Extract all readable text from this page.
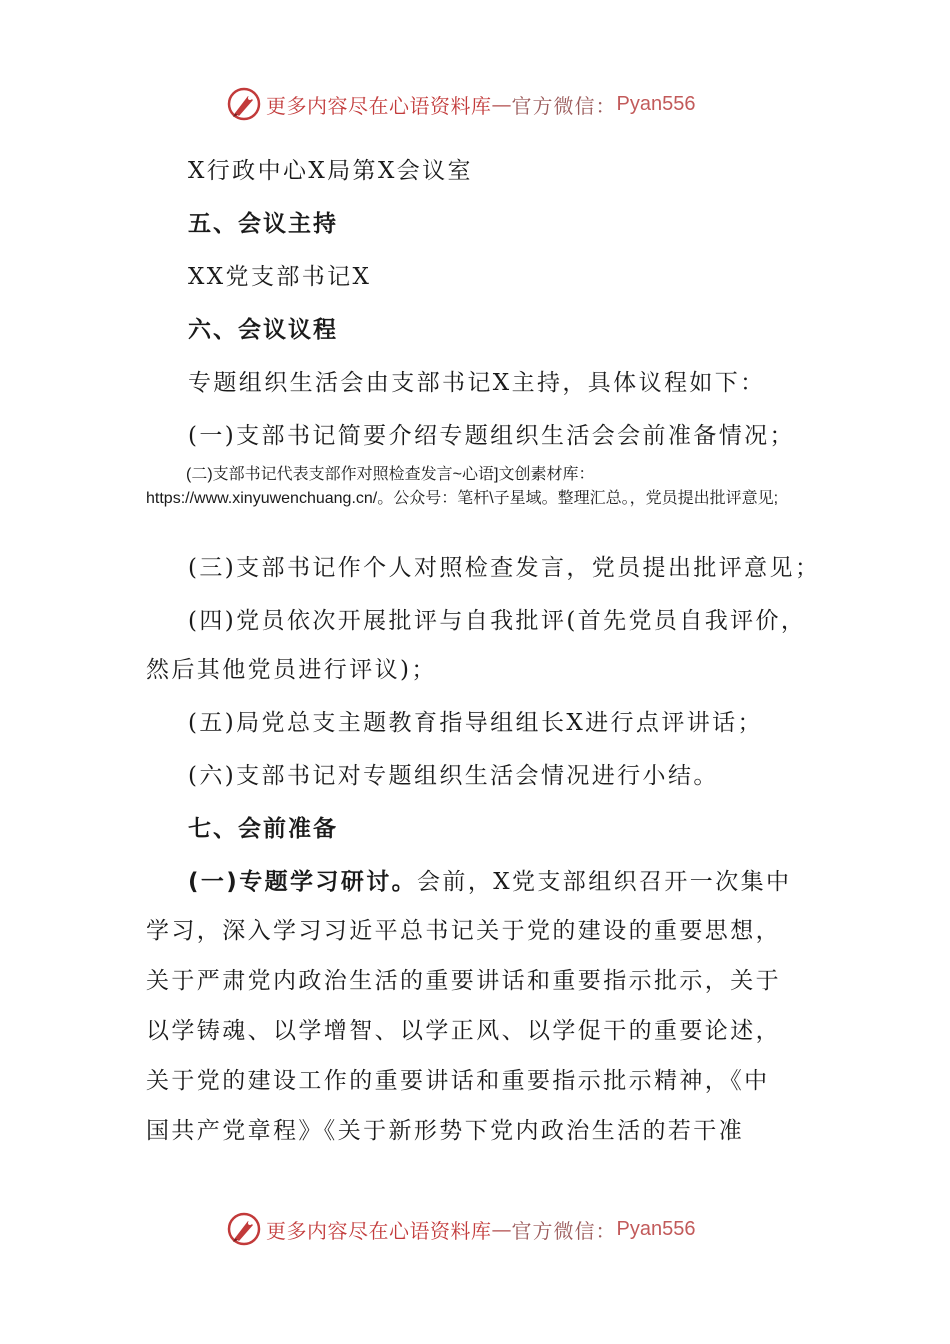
更多内容尽在心语资料库 — 官方微信： Pyan556
X行政中心X局第X会议室
五、会议主持
XX党支部书记X
六、会议议程
专题组织生活会由支部书记X主持，具体议程如下：
(一)支部书记简要介绍专题组织生活会会前准备情况；
(二)支部书记代表支部作对照检查发言~心语]文创素材库：https://www.xinyuwenchuang.cn/。公众号：笔杆\子星域。整理汇总。，党员提出批评意见;
(三)支部书记作个人对照检查发言，党员提出批评意见；
(四)党员依次开展批评与自我批评(首先党员自我评价，
然后其他党员进行评议)；
(五)局党总支主题教育指导组组长X进行点评讲话；
(六)支部书记对专题组织生活会情况进行小结。
七、会前准备
(一)专题学习研讨。会前，X党支部组织召开一次集中
学习，深入学习习近平总书记关于党的建设的重要思想，
关于严肃党内政治生活的重要讲话和重要指示批示，关于
以学铸魂、以学增智、以学正风、以学促干的重要论述，
关于党的建设工作的重要讲话和重要指示批示精神，《中
国共产党章程》《关于新形势下党内政治生活的若干准
更多内容尽在心语资料库 — 官方微信： Pyan556
